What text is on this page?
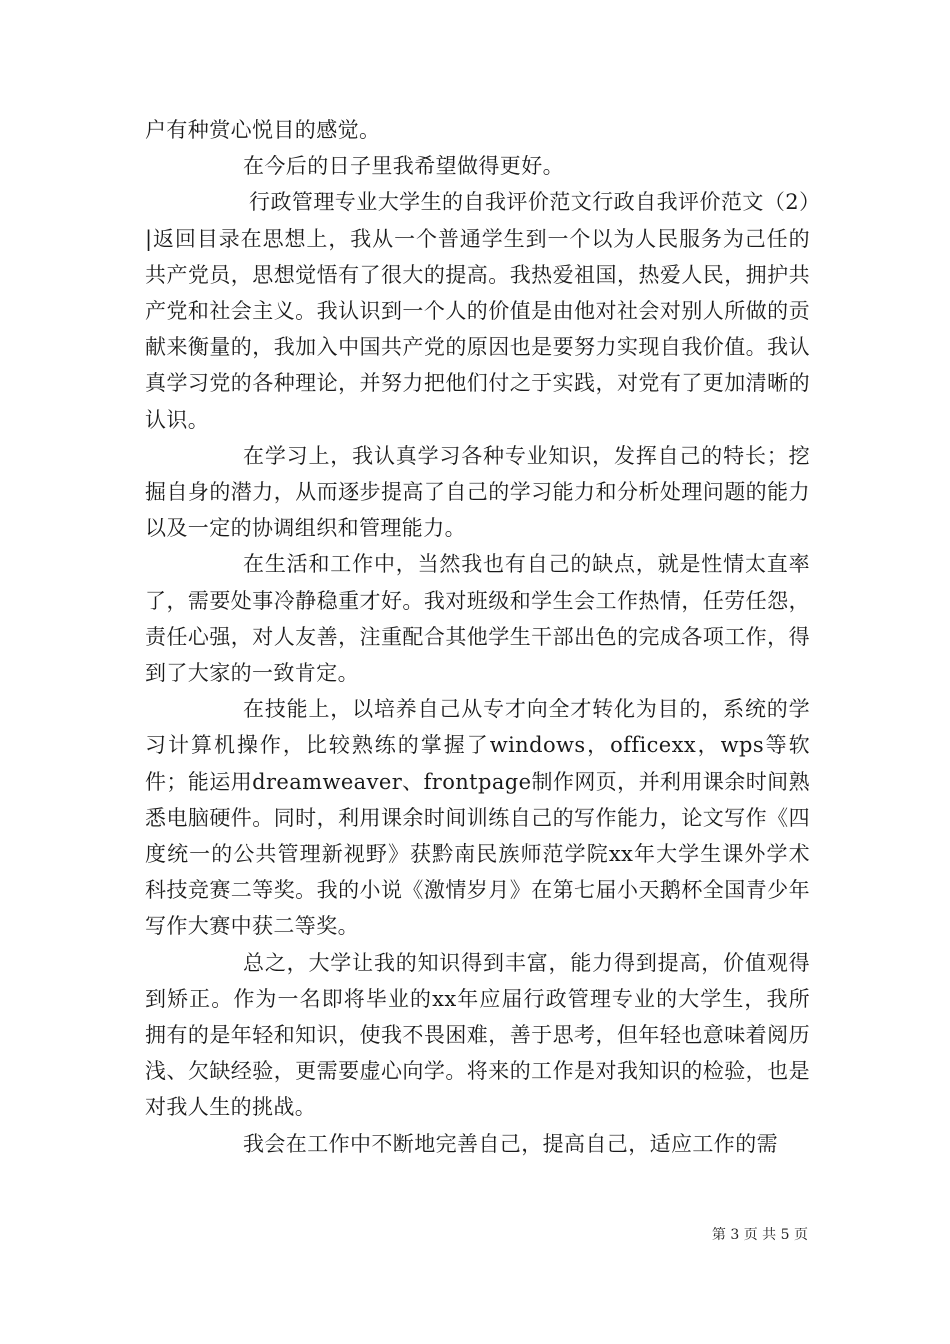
户有种赏心悦目的感觉。

在今后的日子里我希望做得更好。

行政管理专业大学生的自我评价范文行政自我评价范文（2）|返回目录在思想上，我从一个普通学生到一个以为人民服务为己任的共产党员，思想觉悟有了很大的提高。我热爱祖国，热爱人民，拥护共产党和社会主义。我认识到一个人的价值是由他对社会对别人所做的贡献来衡量的，我加入中国共产党的原因也是要努力实现自我价值。我认真学习党的各种理论，并努力把他们付之于实践，对党有了更加清晰的认识。

在学习上，我认真学习各种专业知识，发挥自己的特长；挖掘自身的潜力，从而逐步提高了自己的学习能力和分析处理问题的能力以及一定的协调组织和管理能力。

在生活和工作中，当然我也有自己的缺点，就是性情太直率了，需要处事冷静稳重才好。我对班级和学生会工作热情，任劳任怨，责任心强，对人友善，注重配合其他学生干部出色的完成各项工作，得到了大家的一致肯定。

在技能上，以培养自己从专才向全才转化为目的，系统的学习计算机操作，比较熟练的掌握了windows，officexx，wps等软件；能运用dreamweaver、frontpage制作网页，并利用课余时间熟悉电脑硬件。同时，利用课余时间训练自己的写作能力，论文写作《四度统一的公共管理新视野》获黔南民族师范学院xx年大学生课外学术科技竞赛二等奖。我的小说《激情岁月》在第七届小天鹅杯全国青少年写作大赛中获二等奖。

总之，大学让我的知识得到丰富，能力得到提高，价值观得到矫正。作为一名即将毕业的xx年应届行政管理专业的大学生，我所拥有的是年轻和知识，使我不畏困难，善于思考，但年轻也意味着阅历浅、欠缺经验，更需要虚心向学。将来的工作是对我知识的检验，也是对我人生的挑战。

我会在工作中不断地完善自己，提高自己，适应工作的需

第 3 页 共 5 页
